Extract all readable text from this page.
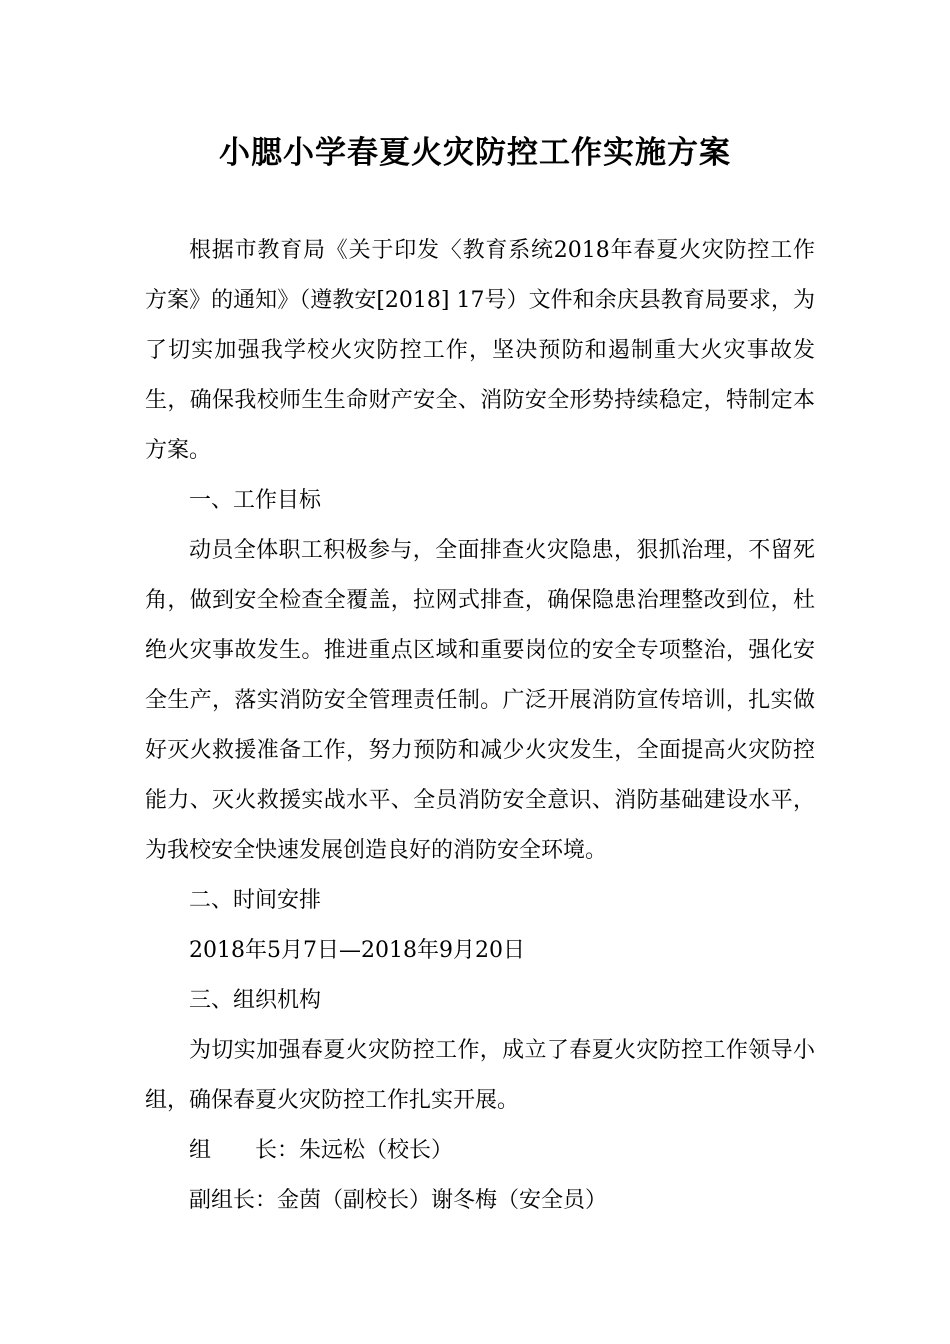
小腮小学春夏火灾防控工作实施方案

根据市教育局《关于印发〈教育系统2018年春夏火灾防控工作方案》的通知》（遵教安[2018] 17号）文件和余庆县教育局要求，为了切实加强我学校火灾防控工作，坚决预防和遏制重大火灾事故发生，确保我校师生生命财产安全、消防安全形势持续稳定，特制定本方案。

一、工作目标

动员全体职工积极参与，全面排查火灾隐患，狠抓治理，不留死角，做到安全检查全覆盖，拉网式排查，确保隐患治理整改到位，杜绝火灾事故发生。推进重点区域和重要岗位的安全专项整治，强化安全生产，落实消防安全管理责任制。广泛开展消防宣传培训，扎实做好灭火救援准备工作，努力预防和减少火灾发生，全面提高火灾防控能力、灭火救援实战水平、全员消防安全意识、消防基础建设水平，为我校安全快速发展创造良好的消防安全环境。

二、时间安排

2018年5月7日—2018年9月20日

三、组织机构

为切实加强春夏火灾防控工作，成立了春夏火灾防控工作领导小组，确保春夏火灾防控工作扎实开展。

组 长：朱远松（校长）

副组长：金茵（副校长）谢冬梅（安全员）
